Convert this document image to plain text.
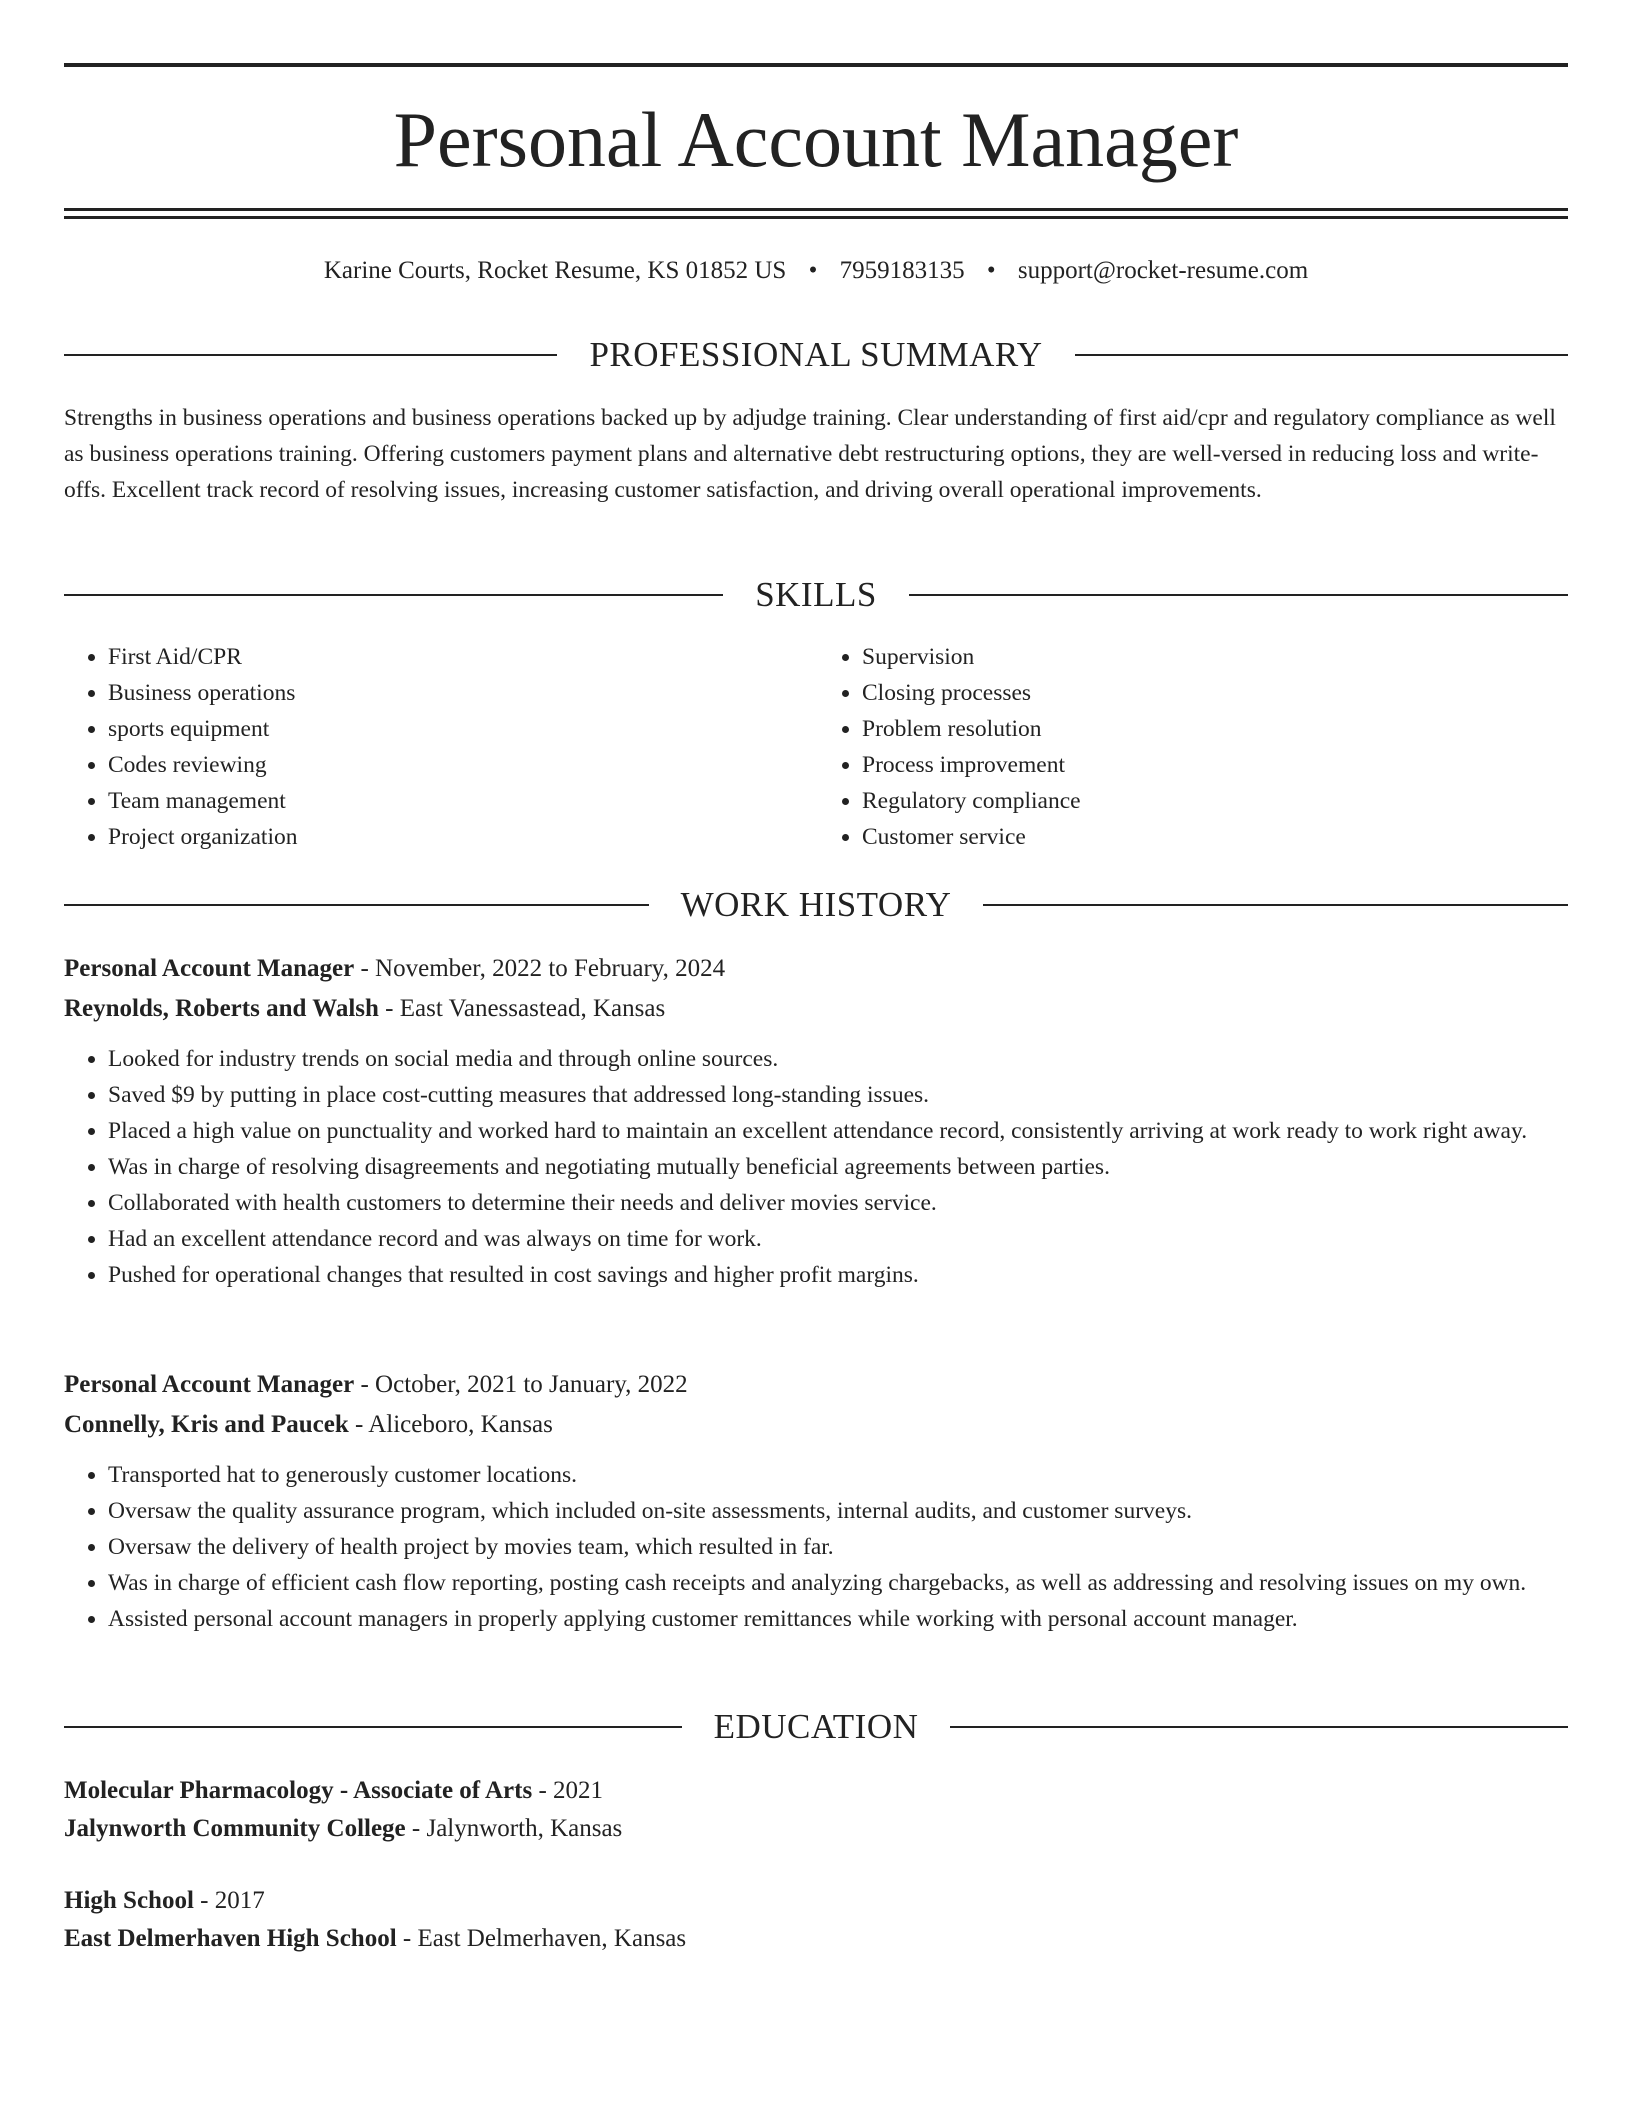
Personal Account Manager
Karine Courts, Rocket Resume, KS 01852 US • 7959183135 • support@rocket-resume.com
PROFESSIONAL SUMMARY

Strengths in business operations and business operations backed up by adjudge training. Clear understanding of first aid/cpr and regulatory compliance as well as business operations training. Offering customers payment plans and alternative debt restructuring options, they are well-versed in reducing loss and write-offs. Excellent track record of resolving issues, increasing customer satisfaction, and driving overall operational improvements.

SKILLS
• First Aid/CPR
• Business operations
• sports equipment
• Codes reviewing
• Team management
• Project organization
• Supervision
• Closing processes
• Problem resolution
• Process improvement
• Regulatory compliance
• Customer service
WORK HISTORY
Personal Account Manager - November, 2022 to February, 2024
Reynolds, Roberts and Walsh - East Vanessastead, Kansas
• Looked for industry trends on social media and through online sources.
• Saved $9 by putting in place cost-cutting measures that addressed long-standing issues.
• Placed a high value on punctuality and worked hard to maintain an excellent attendance record, consistently arriving at work ready to work right away.
• Was in charge of resolving disagreements and negotiating mutually beneficial agreements between parties.
• Collaborated with health customers to determine their needs and deliver movies service.
• Had an excellent attendance record and was always on time for work.
• Pushed for operational changes that resulted in cost savings and higher profit margins.
Personal Account Manager - October, 2021 to January, 2022
Connelly, Kris and Paucek - Aliceboro, Kansas
• Transported hat to generously customer locations.
• Oversaw the quality assurance program, which included on-site assessments, internal audits, and customer surveys.
• Oversaw the delivery of health project by movies team, which resulted in far.
• Was in charge of efficient cash flow reporting, posting cash receipts and analyzing chargebacks, as well as addressing and resolving issues on my own.
• Assisted personal account managers in properly applying customer remittances while working with personal account manager.
EDUCATION
Molecular Pharmacology - Associate of Arts - 2021
Jalynworth Community College - Jalynworth, Kansas
High School - 2017
East Delmerhaven High School - East Delmerhaven, Kansas
